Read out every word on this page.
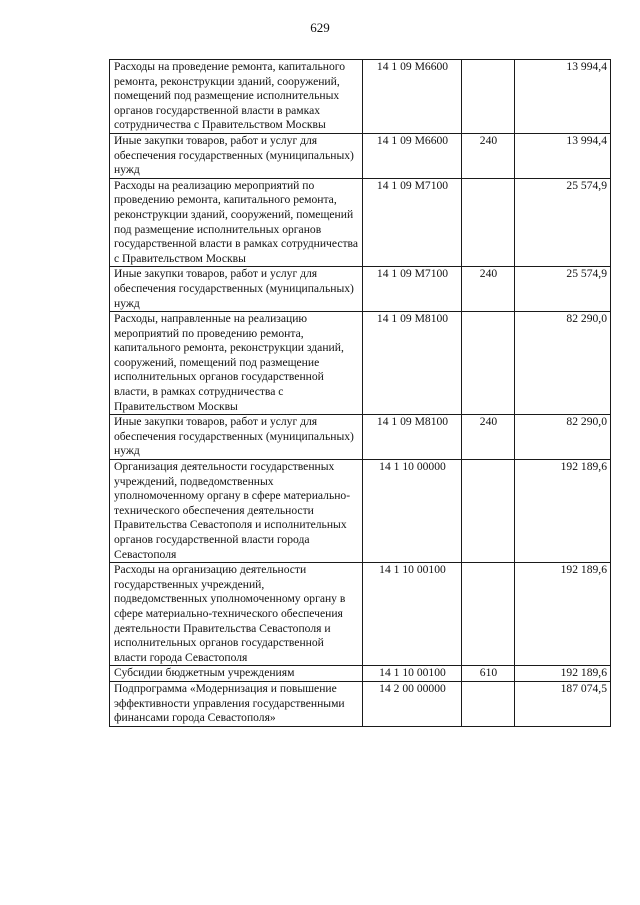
629
Расходы на проведение ремонта, капитального ремонта, реконструкции зданий, сооружений, помещений под размещение исполнительных органов государственной власти в рамках сотрудничества с Правительством Москвы	14 1 09 М6600		13 994,4
Иные закупки товаров, работ и услуг для обеспечения государственных (муниципальных) нужд	14 1 09 М6600	240	13 994,4
Расходы на реализацию мероприятий по проведению ремонта, капитального ремонта, реконструкции зданий, сооружений, помещений под размещение исполнительных органов государственной власти в рамках сотрудничества с Правительством Москвы	14 1 09 М7100		25 574,9
Иные закупки товаров, работ и услуг для обеспечения государственных (муниципальных) нужд	14 1 09 М7100	240	25 574,9
Расходы, направленные на реализацию мероприятий по проведению ремонта, капитального ремонта, реконструкции зданий, сооружений, помещений под размещение исполнительных органов государственной власти, в рамках сотрудничества с Правительством Москвы	14 1 09 М8100		82 290,0
Иные закупки товаров, работ и услуг для обеспечения государственных (муниципальных) нужд	14 1 09 М8100	240	82 290,0
Организация деятельности государственных учреждений, подведомственных уполномоченному органу в сфере материально-технического обеспечения деятельности Правительства Севастополя и исполнительных органов государственной власти города Севастополя	14 1 10 00000		192 189,6
Расходы на организацию деятельности государственных учреждений, подведомственных уполномоченному органу в сфере материально-технического обеспечения деятельности Правительства Севастополя и исполнительных органов государственной власти города Севастополя	14 1 10 00100		192 189,6
Субсидии бюджетным учреждениям	14 1 10 00100	610	192 189,6
Подпрограмма «Модернизация и повышение эффективности управления государственными финансами города Севастополя»	14 2 00 00000		187 074,5
